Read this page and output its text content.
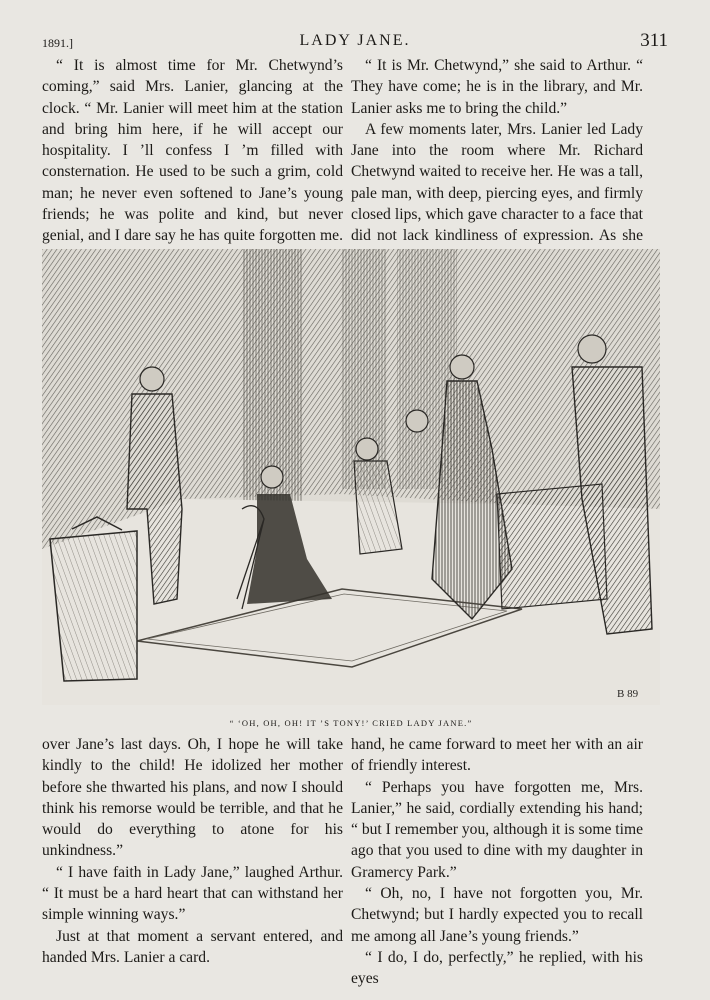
1891.]	LADY JANE.	311

“ It is almost time for Mr. Chetwynd’s coming,” said Mrs. Lanier, glancing at the clock. “ Mr. Lanier will meet him at the station and bring him here, if he will accept our hospitality. I ’ll confess I ’m filled with consternation. He used to be such a grim, cold man; he never even softened to Jane’s young friends; he was polite and kind, but never genial, and I dare say he has quite forgotten me.

“ It is Mr. Chetwynd,” she said to Arthur. “ They have come; he is in the library, and Mr. Lanier asks me to bring the child.”

A few moments later, Mrs. Lanier led Lady Jane into the room where Mr. Richard Chetwynd waited to receive her. He was a tall, pale man, with deep, piercing eyes, and firmly closed lips, which gave character to a face that did not lack kindliness of expression. As she

B 89
“ ‘OH, OH, OH! IT ’S TONY!’ CRIED LADY JANE.”

over Jane’s last days. Oh, I hope he will take kindly to the child! He idolized her mother before she thwarted his plans, and now I should think his remorse would be terrible, and that he would do everything to atone for his unkindness.”

“ I have faith in Lady Jane,” laughed Arthur. “ It must be a hard heart that can withstand her simple winning ways.”

Just at that moment a servant entered, and handed Mrs. Lanier a card.

hand, he came forward to meet her with an air of friendly interest.

“ Perhaps you have forgotten me, Mrs. Lanier,” he said, cordially extending his hand; “ but I remember you, although it is some time ago that you used to dine with my daughter in Gramercy Park.”

“ Oh, no, I have not forgotten you, Mr. Chetwynd; but I hardly expected you to recall me among all Jane’s young friends.”

“ I do, I do, perfectly,” he replied, with his eyes
